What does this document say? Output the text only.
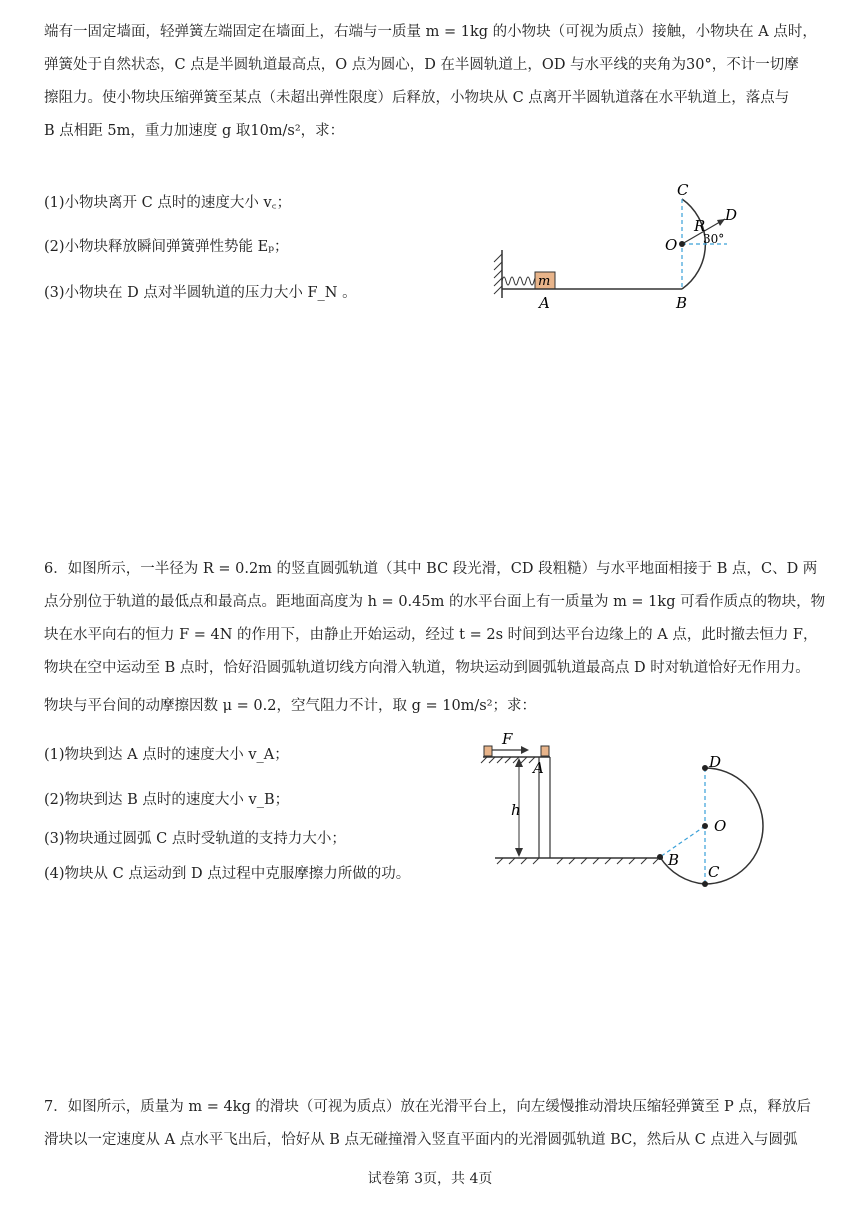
端有一固定墙面，轻弹簧左端固定在墙面上，右端与一质量 m = 1kg 的小物块（可视为质点）接触，小物块在 A 点时，
弹簧处于自然状态，C 点是半圆轨道最高点，O 点为圆心，D 在半圆轨道上，OD 与水平线的夹角为30°，不计一切摩
擦阻力。使小物块压缩弹簧至某点（未超出弹性限度）后释放，小物块从 C 点离开半圆轨道落在水平轨道上，落点与
B 点相距 5m，重力加速度 g 取10m/s²，求：
(1)小物块离开 C 点时的速度大小 v꜀；
(2)小物块释放瞬间弹簧弹性势能 Eₚ；
(3)小物块在 D 点对半圆轨道的压力大小 F_N 。
m
C
D
O
R
30°
A	B
6．如图所示，一半径为 R = 0.2m 的竖直圆弧轨道（其中 BC 段光滑，CD 段粗糙）与水平地面相接于 B 点，C、D 两
点分别位于轨道的最低点和最高点。距地面高度为 h = 0.45m 的水平台面上有一质量为 m = 1kg 可看作质点的物块，物
块在水平向右的恒力 F = 4N 的作用下，由静止开始运动，经过 t = 2s 时间到达平台边缘上的 A 点，此时撤去恒力 F，
物块在空中运动至 B 点时，恰好沿圆弧轨道切线方向滑入轨道，物块运动到圆弧轨道最高点 D 时对轨道恰好无作用力。
物块与平台间的动摩擦因数 μ = 0.2，空气阻力不计，取 g = 10m/s²；求：
(1)物块到达 A 点时的速度大小 v_A；
(2)物块到达 B 点时的速度大小 v_B；
(3)物块通过圆弧 C 点时受轨道的支持力大小；
(4)物块从 C 点运动到 D 点过程中克服摩擦力所做的功。
F
A
h
D
O
B
C
7．如图所示，质量为 m = 4kg 的滑块（可视为质点）放在光滑平台上，向左缓慢推动滑块压缩轻弹簧至 P 点，释放后
滑块以一定速度从 A 点水平飞出后，恰好从 B 点无碰撞滑入竖直平面内的光滑圆弧轨道 BC，然后从 C 点进入与圆弧
试卷第 3页，共 4页
